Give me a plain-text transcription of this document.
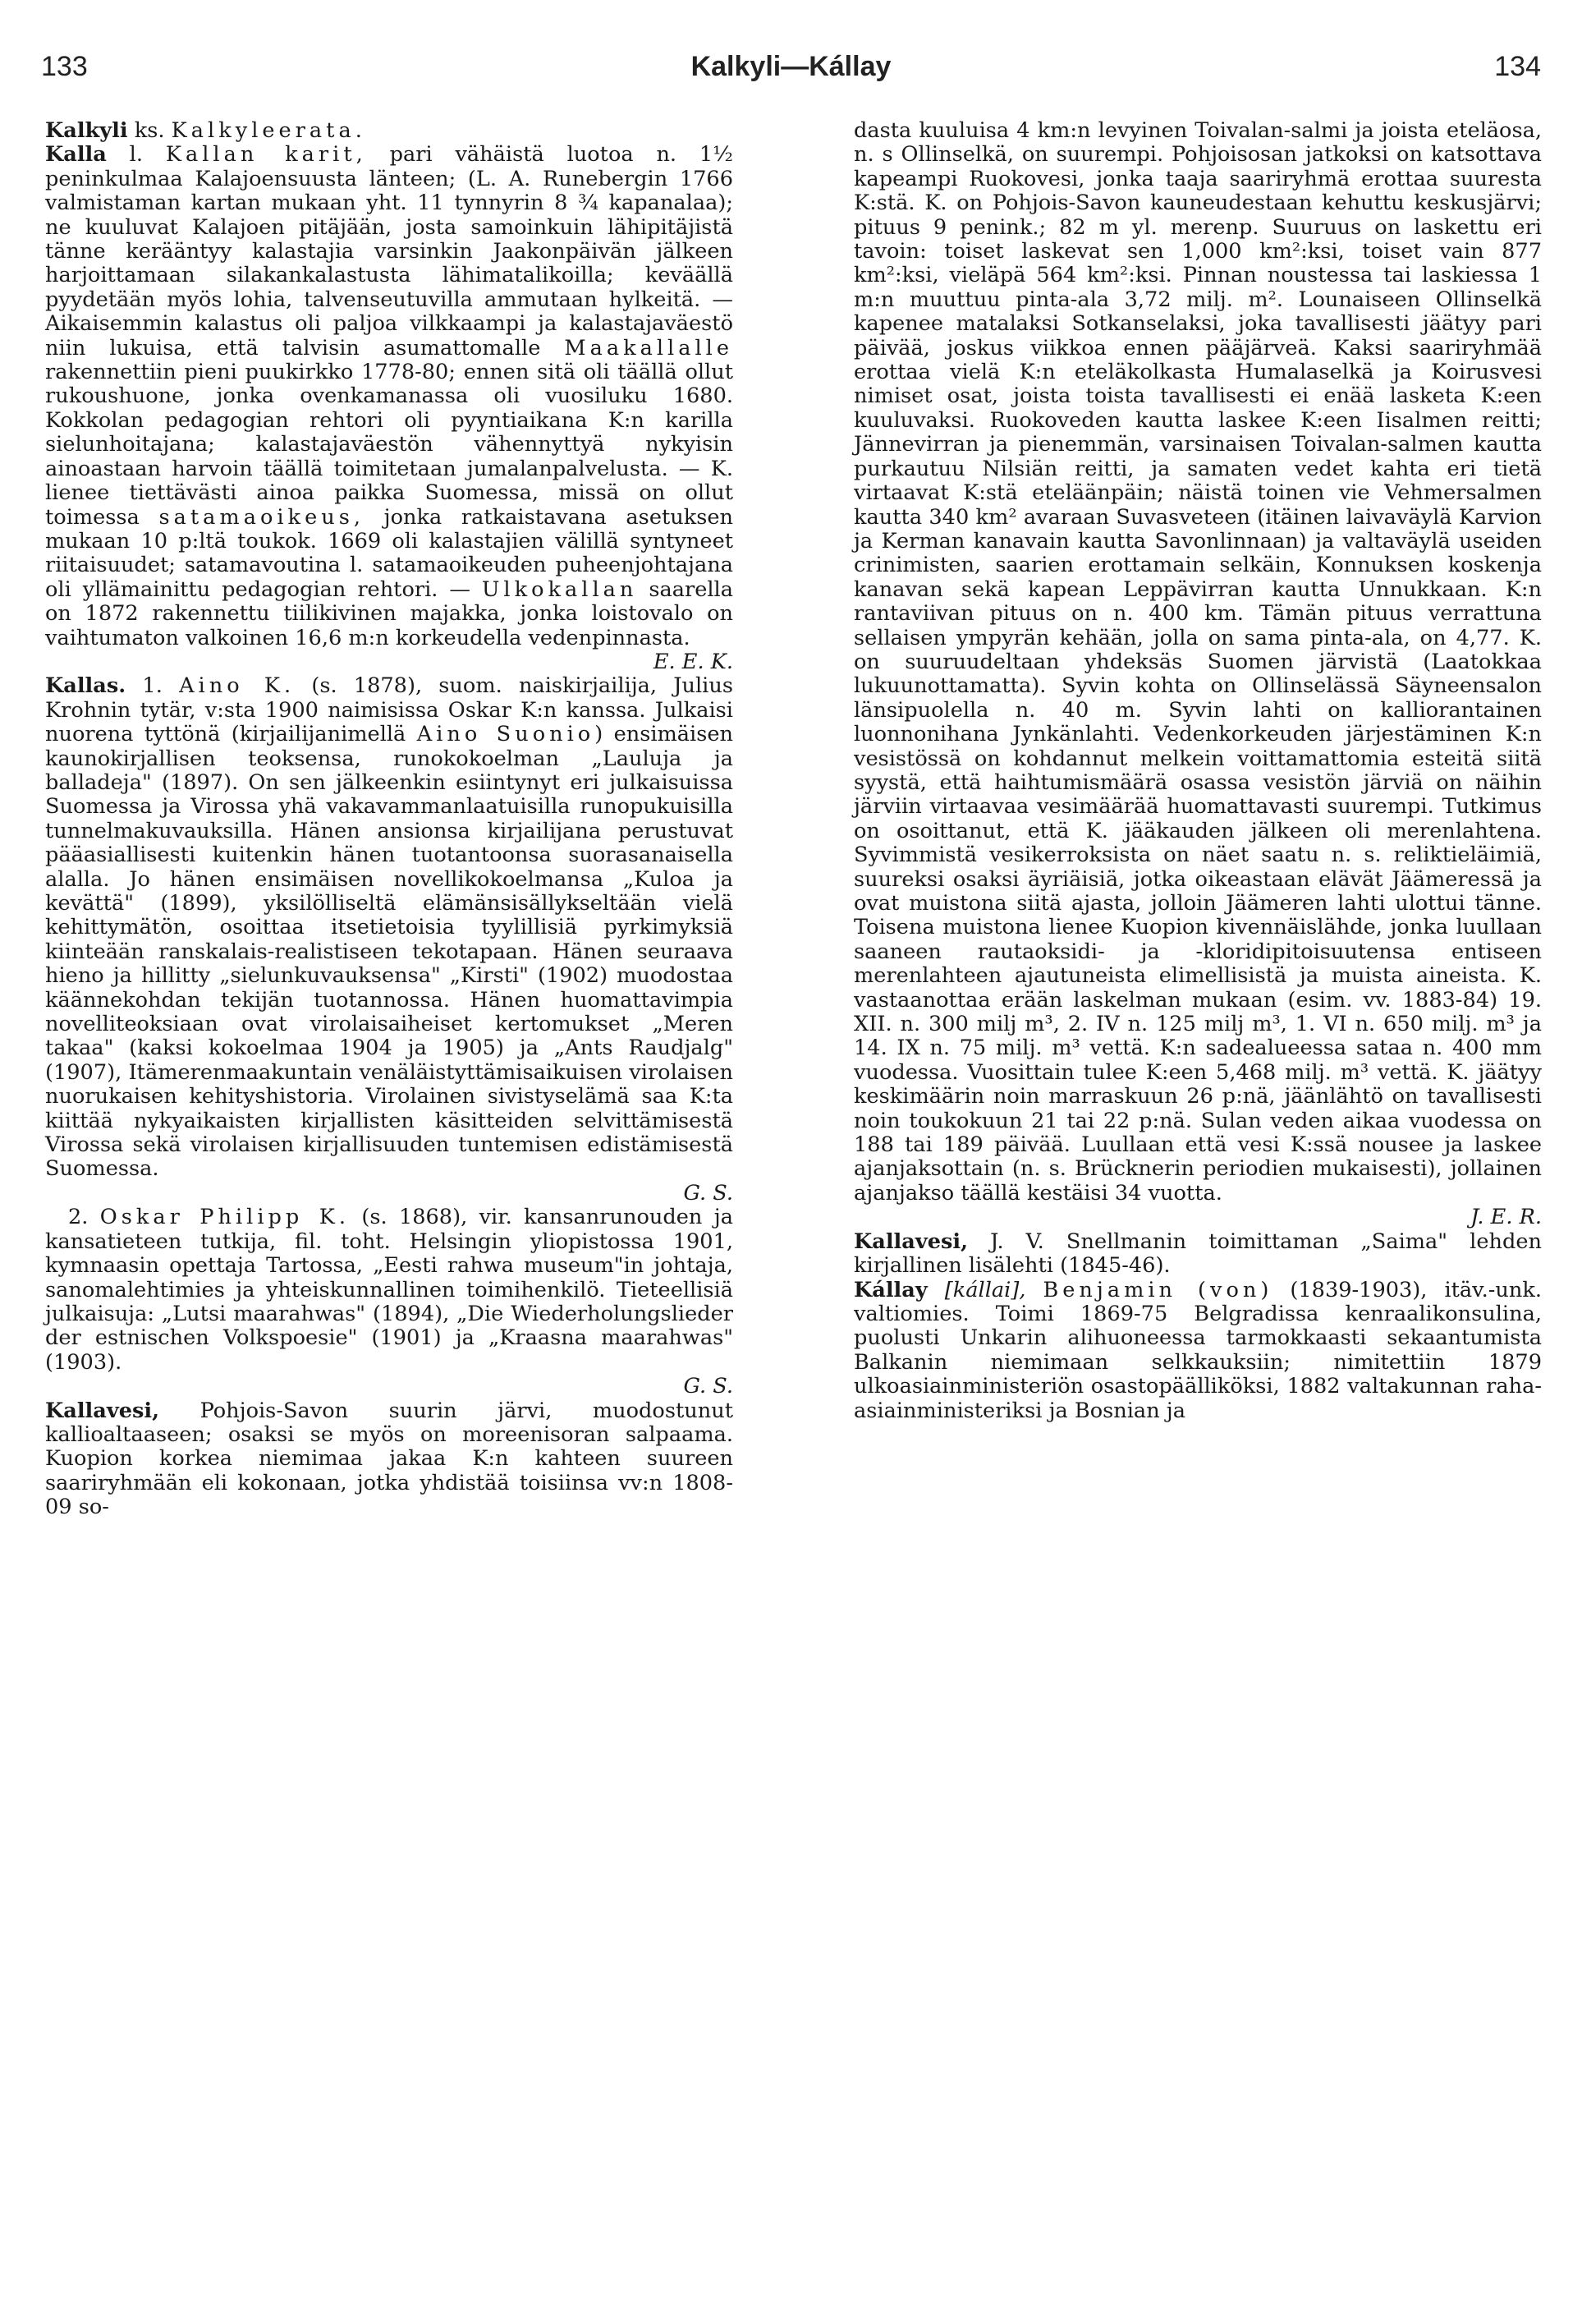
133	Kalkyli—Kállay	134

Kalkyli ks. Kalkyleerata.

Kalla l. Kallan karit, pari vähäistä luotoa n. 1½ peninkulmaa Kalajoensuusta länteen; (L. A. Runebergin 1766 valmistaman kartan mukaan yht. 11 tynnyrin 8 ¾ kapanalaa); ne kuuluvat Kalajoen pitäjään, josta samoinkuin lähipitäjistä tänne kerääntyy kalastajia varsinkin Jaakonpäivän jälkeen harjoittamaan silakankalastusta lähimatalikoilla; keväällä pyydetään myös lohia, talvenseutuvilla ammutaan hylkeitä. — Aikaisemmin kalastus oli paljoa vilkkaampi ja kalastajaväestö niin lukuisa, että talvisin asumattomalle Maakallalle rakennettiin pieni puukirkko 1778-80; ennen sitä oli täällä ollut rukoushuone, jonka ovenkamanassa oli vuosiluku 1680. Kokkolan pedagogian rehtori oli pyyntiaikana K:n karilla sielunhoitajana; kalastajaväestön vähennyttyä nykyisin ainoastaan harvoin täällä toimitetaan jumalanpalvelusta. — K. lienee tiettävästi ainoa paikka Suomessa, missä on ollut toimessa satamaoikeus, jonka ratkaistavana asetuksen mukaan 10 p:ltä toukok. 1669 oli kalastajien välillä syntyneet riitaisuudet; satamavoutina l. satamaoikeuden puheenjohtajana oli yllämainittu pedagogian rehtori. — Ulkokallan saarella on 1872 rakennettu tiilikivinen majakka, jonka loistovalo on vaihtumaton valkoinen 16,6 m:n korkeudella vedenpinnasta.

E. E. K.

Kallas. 1. Aino K. (s. 1878), suom. naiskirjailija, Julius Krohnin tytär, v:sta 1900 naimisissa Oskar K:n kanssa. Julkaisi nuorena tyttönä (kirjailijanimellä Aino Suonio) ensimäisen kaunokirjallisen teoksensa, runokokoelman „Lauluja ja balladeja" (1897). On sen jälkeenkin esiintynyt eri julkaisuissa Suomessa ja Virossa yhä vakavammanlaatuisilla runopukuisilla tunnelmakuvauksilla. Hänen ansionsa kirjailijana perustuvat pääasiallisesti kuitenkin hänen tuotantoonsa suorasanaisella alalla. Jo hänen ensimäisen novellikokoelmansa „Kuloa ja kevättä" (1899), yksilölliseltä elämänsisällykseltään vielä kehittymätön, osoittaa itsetietoisia tyylillisiä pyrkimyksiä kiinteään ranskalais-realistiseen tekotapaan. Hänen seuraava hieno ja hillitty „sielunkuvauksensa" „Kirsti" (1902) muodostaa käännekohdan tekijän tuotannossa. Hänen huomattavimpia novelliteoksiaan ovat virolaisaiheiset kertomukset „Meren takaa" (kaksi kokoelmaa 1904 ja 1905) ja „Ants Raudjalg" (1907), Itämerenmaakuntain venäläistyttämisaikuisen virolaisen nuorukaisen kehityshistoria. Virolainen sivistyselämä saa K:ta kiittää nykyaikaisten kirjallisten käsitteiden selvittämisestä Virossa sekä virolaisen kirjallisuuden tuntemisen edistämisestä Suomessa.

G. S.

2. Oskar Philipp K. (s. 1868), vir. kansanrunouden ja kansatieteen tutkija, fil. toht. Helsingin yliopistossa 1901, kymnaasin opettaja Tartossa, „Eesti rahwa museum"in johtaja, sanomalehtimies ja yhteiskunnallinen toimihenkilö. Tieteellisiä julkaisuja: „Lutsi maarahwas" (1894), „Die Wiederholungslieder der estnischen Volkspoesie" (1901) ja „Kraasna maarahwas" (1903).

G. S.

Kallavesi, Pohjois-Savon suurin järvi, muodostunut kallioaltaaseen; osaksi se myös on moreenisoran salpaama. Kuopion korkea niemimaa jakaa K:n kahteen suureen saariryhmään eli kokonaan, jotka yhdistää toisiinsa vv:n 1808-09 so-

dasta kuuluisa 4 km:n levyinen Toivalan-salmi ja joista eteläosa, n. s Ollinselkä, on suurempi. Pohjoisosan jatkoksi on katsottava kapeampi Ruokovesi, jonka taaja saariryhmä erottaa suuresta K:stä. K. on Pohjois-Savon kauneudestaan kehuttu keskusjärvi; pituus 9 penink.; 82 m yl. merenp. Suuruus on laskettu eri tavoin: toiset laskevat sen 1,000 km²:ksi, toiset vain 877 km²:ksi, vieläpä 564 km²:ksi. Pinnan noustessa tai laskiessa 1 m:n muuttuu pinta-ala 3,72 milj. m². Lounaiseen Ollinselkä kapenee matalaksi Sotkanselaksi, joka tavallisesti jäätyy pari päivää, joskus viikkoa ennen pääjärveä. Kaksi saariryhmää erottaa vielä K:n eteläkolkasta Humalaselkä ja Koirusvesi nimiset osat, joista toista tavallisesti ei enää lasketa K:een kuuluvaksi. Ruokoveden kautta laskee K:een Iisalmen reitti; Jännevirran ja pienemmän, varsinaisen Toivalan-salmen kautta purkautuu Nilsiän reitti, ja samaten vedet kahta eri tietä virtaavat K:stä eteläänpäin; näistä toinen vie Vehmersalmen kautta 340 km² avaraan Suvasveteen (itäinen laivaväylä Karvion ja Kerman kanavain kautta Savonlinnaan) ja valtaväylä useiden crinimisten, saarien erottamain selkäin, Konnuksen koskenja kanavan sekä kapean Leppävirran kautta Unnukkaan. K:n rantaviivan pituus on n. 400 km. Tämän pituus verrattuna sellaisen ympyrän kehään, jolla on sama pinta-ala, on 4,77. K. on suuruudeltaan yhdeksäs Suomen järvistä (Laatokkaa lukuunottamatta). Syvin kohta on Ollinselässä Säyneensalon länsipuolella n. 40 m. Syvin lahti on kalliorantainen luonnonihana Jynkänlahti. Vedenkorkeuden järjestäminen K:n vesistössä on kohdannut melkein voittamattomia esteitä siitä syystä, että haihtumismäärä osassa vesistön järviä on näihin järviin virtaavaa vesimäärää huomattavasti suurempi. Tutkimus on osoittanut, että K. jääkauden jälkeen oli merenlahtena. Syvimmistä vesikerroksista on näet saatu n. s. reliktieläimiä, suureksi osaksi äyriäisiä, jotka oikeastaan elävät Jäämeressä ja ovat muistona siitä ajasta, jolloin Jäämeren lahti ulottui tänne. Toisena muistona lienee Kuopion kivennäislähde, jonka luullaan saaneen rautaoksidi- ja -kloridipitoisuutensa entiseen merenlahteen ajautuneista elimellisistä ja muista aineista. K. vastaanottaa erään laskelman mukaan (esim. vv. 1883-84) 19. XII. n. 300 milj m³, 2. IV n. 125 milj m³, 1. VI n. 650 milj. m³ ja 14. IX n. 75 milj. m³ vettä. K:n sadealueessa sataa n. 400 mm vuodessa. Vuosittain tulee K:een 5,468 milj. m³ vettä. K. jäätyy keskimäärin noin marraskuun 26 p:nä, jäänlähtö on tavallisesti noin toukokuun 21 tai 22 p:nä. Sulan veden aikaa vuodessa on 188 tai 189 päivää. Luullaan että vesi K:ssä nousee ja laskee ajanjaksottain (n. s. Brücknerin periodien mukaisesti), jollainen ajanjakso täällä kestäisi 34 vuotta.

J. E. R.

Kallavesi, J. V. Snellmanin toimittaman „Saima" lehden kirjallinen lisälehti (1845-46).

Kállay [kállai], Benjamin (von) (1839-1903), itäv.-unk. valtiomies. Toimi 1869-75 Belgradissa kenraalikonsulina, puolusti Unkarin alihuoneessa tarmokkaasti sekaantumista Balkanin niemimaan selkkauksiin; nimitettiin 1879 ulkoasiainministeriön osastopäälliköksi, 1882 valtakunnan raha-asiainministeriksi ja Bosnian ja
